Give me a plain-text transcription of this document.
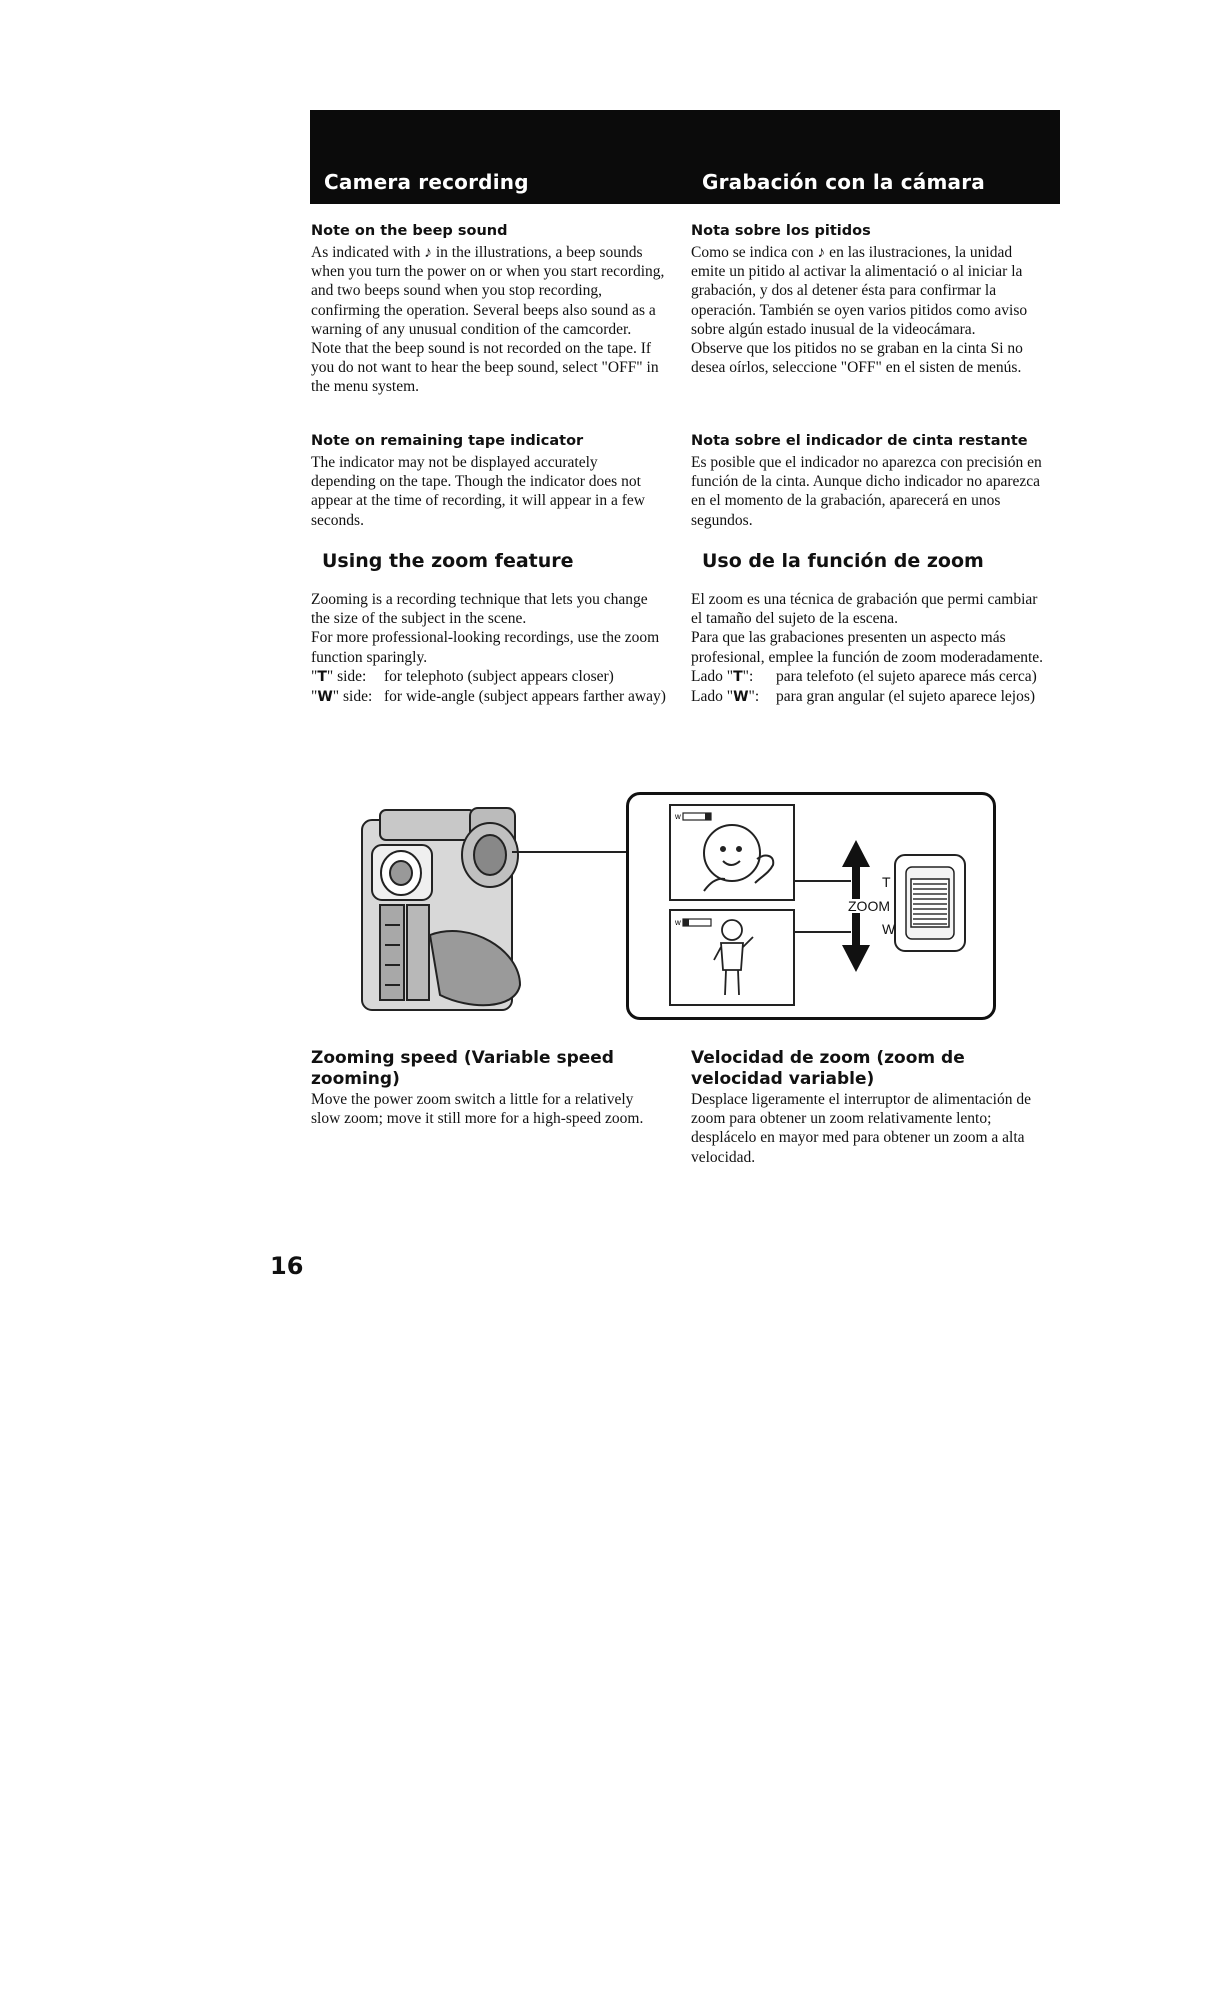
Camera recording	Grabación con la cámara
Note on the beep sound

As indicated with ♪ in the illustrations, a beep sounds when you turn the power on or when you start recording, and two beeps sound when you stop recording, confirming the operation. Several beeps also sound as a warning of any unusual condition of the camcorder.

Note that the beep sound is not recorded on the tape. If you do not want to hear the beep sound, select "OFF" in the menu system.

Note on remaining tape indicator

The indicator may not be displayed accurately depending on the tape. Though the indicator does not appear at the time of recording, it will appear in a few seconds.

Using the zoom feature

Zooming is a recording technique that lets you change the size of the subject in the scene.

For more professional-looking recordings, use the zoom function sparingly.

"T" side:	for telephoto (subject appears closer)
"W" side: for wide-angle (subject appears farther away)
Zooming speed (Variable speed zooming)

Move the power zoom switch a little for a relatively slow zoom; move it still more for a high-speed zoom.

Nota sobre los pitidos

Como se indica con ♪ en las ilustraciones, la unidad emite un pitido al activar la alimentació o al iniciar la grabación, y dos al detener ésta para confirmar la operación. También se oyen varios pitidos como aviso sobre algún estado inusual de la videocámara.

Observe que los pitidos no se graban en la cinta Si no desea oírlos, seleccione "OFF" en el sisten de menús.

Nota sobre el indicador de cinta restante

Es posible que el indicador no aparezca con precisión en función de la cinta. Aunque dicho indicador no aparezca en el momento de la grabación, aparecerá en unos segundos.

Uso de la función de zoom

El zoom es una técnica de grabación que permi cambiar el tamaño del sujeto de la escena.

Para que las grabaciones presenten un aspecto más profesional, emplee la función de zoom moderadamente.

Lado "T":	para telefoto (el sujeto aparece más cerca)
Lado "W":	para gran angular (el sujeto aparece lejos)
Velocidad de zoom (zoom de velocidad variable)

Desplace ligeramente el interruptor de alimentación de zoom para obtener un zoom relativamente lento; desplácelo en mayor med para obtener un zoom a alta velocidad.

w
w
T
ZOOM
W
16
